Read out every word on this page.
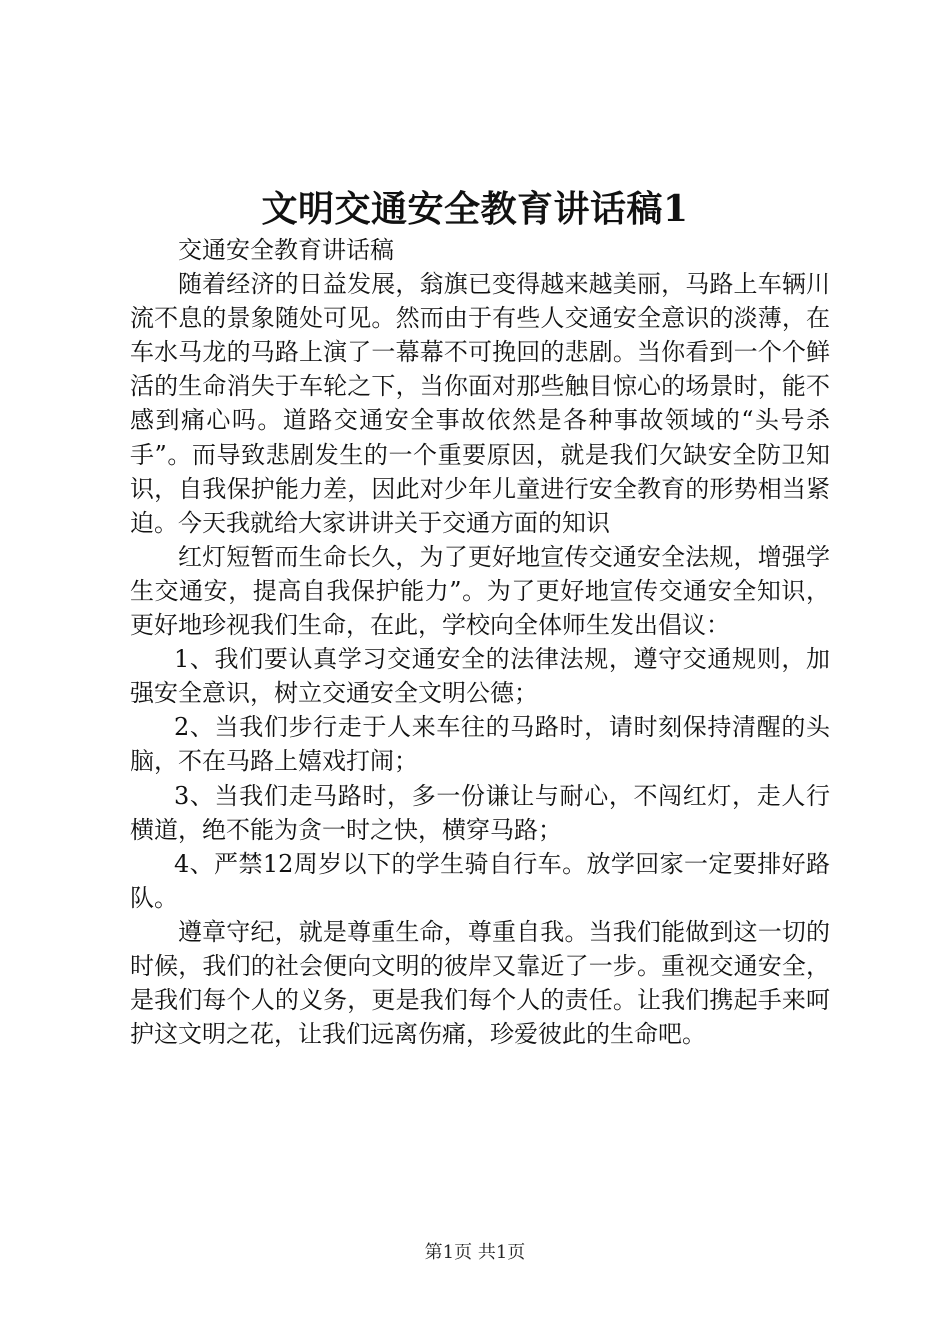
文明交通安全教育讲话稿1

交通安全教育讲话稿

随着经济的日益发展，翁旗已变得越来越美丽，马路上车辆川流不息的景象随处可见。然而由于有些人交通安全意识的淡薄，在车水马龙的马路上演了一幕幕不可挽回的悲剧。当你看到一个个鲜活的生命消失于车轮之下，当你面对那些触目惊心的场景时，能不感到痛心吗。道路交通安全事故依然是各种事故领域的“头号杀手”。而导致悲剧发生的一个重要原因，就是我们欠缺安全防卫知识，自我保护能力差，因此对少年儿童进行安全教育的形势相当紧迫。今天我就给大家讲讲关于交通方面的知识

红灯短暂而生命长久，为了更好地宣传交通安全法规，增强学生交通安，提高自我保护能力”。为了更好地宣传交通安全知识，更好地珍视我们生命，在此，学校向全体师生发出倡议：

1、我们要认真学习交通安全的法律法规，遵守交通规则，加强安全意识，树立交通安全文明公德；

2、当我们步行走于人来车往的马路时，请时刻保持清醒的头脑，不在马路上嬉戏打闹；

3、当我们走马路时，多一份谦让与耐心，不闯红灯，走人行横道，绝不能为贪一时之快，横穿马路；

4、严禁12周岁以下的学生骑自行车。放学回家一定要排好路队。

遵章守纪，就是尊重生命，尊重自我。当我们能做到这一切的时候，我们的社会便向文明的彼岸又靠近了一步。重视交通安全，是我们每个人的义务，更是我们每个人的责任。让我们携起手来呵护这文明之花，让我们远离伤痛，珍爱彼此的生命吧。

第1页 共1页
